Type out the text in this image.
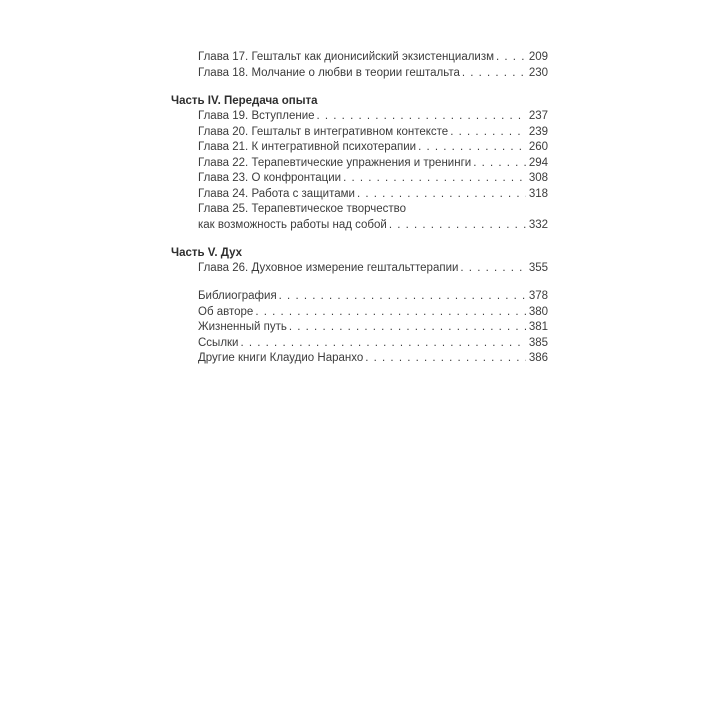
Глава 17. Гештальт как дионисийский экзистенциализм . . .	209
Глава 18. Молчание о любви в теории гештальта . . .	230
Часть IV. Передача опыта
Глава 19. Вступление . . .	237
Глава 20. Гештальт в интегративном контексте . . .	239
Глава 21. К интегративной психотерапии . . .	260
Глава 22. Терапевтические упражнения и тренинги . . .	294
Глава 23. О конфронтации . . .	308
Глава 24. Работа с защитами . . .	318
Глава 25. Терапевтическое творчество
как возможность работы над собой . . .	332
Часть V. Дух
Глава 26. Духовное измерение гештальттерапии . . .	355
Библиография . . .	378
Об авторе . . .	380
Жизненный путь . . .	381
Ссылки . . .	385
Другие книги Клаудио Наранхо . . .	386
